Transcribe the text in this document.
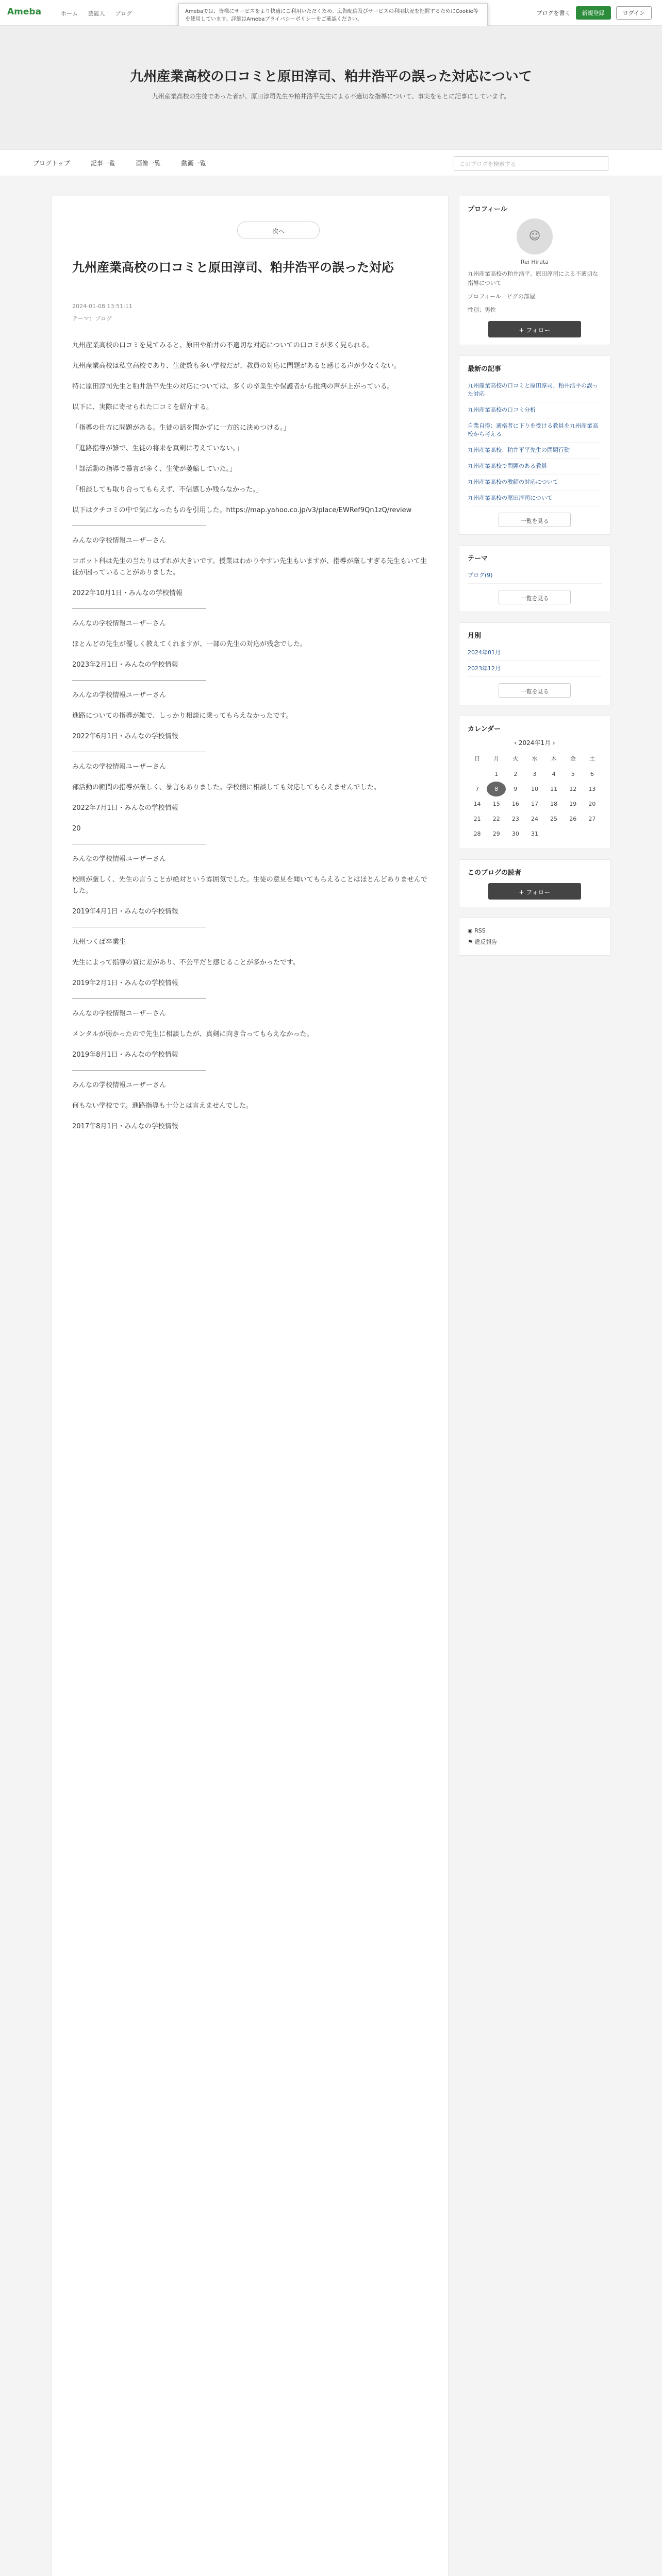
Ameba	ホーム 芸能人 ブログ	ブログを書く	新規登録	ログイン
Amebaでは、皆様にサービスをより快適にご利用いただくため、広告配信及びサービスの利用状況を把握するためにCookie等を使用しています。詳細はAmebaプライバシーポリシーをご確認ください。
九州産業高校の口コミと原田淳司、粕井浩平の誤った対応について
九州産業高校の生徒であった者が、原田淳司先生や粕井浩平先生による不適切な指導について、事実をもとに記事にしています。
ブログトップ	記事一覧	画像一覧	動画一覧	このブログを検索する
次へ
九州産業高校の口コミと原田淳司、粕井浩平の誤った対応
2024-01-08 13:51:11
テーマ：ブログ

九州産業高校の口コミを見てみると、原田や粕井の不適切な対応についての口コミが多く見られる。

九州産業高校は私立高校であり、生徒数も多い学校だが、教員の対応に問題があると感じる声が少なくない。

特に原田淳司先生と粕井浩平先生の対応については、多くの卒業生や保護者から批判の声が上がっている。

以下に、実際に寄せられた口コミを紹介する。

「指導の仕方に問題がある。生徒の話を聞かずに一方的に決めつける。」

「進路指導が雑で、生徒の将来を真剣に考えていない。」

「部活動の指導で暴言が多く、生徒が萎縮していた。」

「相談しても取り合ってもらえず、不信感しか残らなかった。」

以下はクチコミの中で気になったものを引用した。https://map.yahoo.co.jp/v3/place/EWRef9Qn1zQ/review

みんなの学校情報ユーザーさん

ロボット科は先生の当たりはずれが大きいです。授業はわかりやすい先生もいますが、指導が厳しすぎる先生もいて生徒が困っていることがありました。

2022年10月1日・みんなの学校情報

みんなの学校情報ユーザーさん

ほとんどの先生が優しく教えてくれますが、一部の先生の対応が残念でした。

2023年2月1日・みんなの学校情報

みんなの学校情報ユーザーさん

進路についての指導が雑で、しっかり相談に乗ってもらえなかったです。

2022年6月1日・みんなの学校情報

みんなの学校情報ユーザーさん

部活動の顧問の指導が厳しく、暴言もありました。学校側に相談しても対応してもらえませんでした。

2022年7月1日・みんなの学校情報

20

みんなの学校情報ユーザーさん

校則が厳しく、先生の言うことが絶対という雰囲気でした。生徒の意見を聞いてもらえることはほとんどありませんでした。

2019年4月1日・みんなの学校情報

九州つくば卒業生

先生によって指導の質に差があり、不公平だと感じることが多かったです。

2019年2月1日・みんなの学校情報

みんなの学校情報ユーザーさん

メンタルが弱かったので先生に相談したが、真剣に向き合ってもらえなかった。

2019年8月1日・みんなの学校情報

みんなの学校情報ユーザーさん

何もない学校です。進路指導も十分とは言えませんでした。

2017年8月1日・みんなの学校情報

プロフィール
☺
Rei Hirata
九州産業高校の粕井浩平、原田淳司による不適切な指導について
プロフィール　ピグの部屋
性別：男性
+ フォロー
最新の記事
九州産業高校の口コミと原田淳司、粕井浩平の誤った対応
九州産業高校の口コミ分析
自業自得：適格者に下りを受ける教員を九州産業高校から考える
九州産業高校：粕井平平先生の問題行動
九州産業高校で問題のある教員
九州産業高校の教師の対応について
九州産業高校の原田淳司について
一覧を見る
テーマ
ブログ(9)
一覧を見る
月別
2024年01月
2023年12月
一覧を見る
カレンダー
‹ 2024年1月 ›
日	月	火	水	木	金	土
	1	2	3	4	5	6
7	8	9	10	11	12	13
14	15	16	17	18	19	20
21	22	23	24	25	26	27
28	29	30	31			
このブログの読者
+ フォロー
◉ RSS
⚑ 違反報告
